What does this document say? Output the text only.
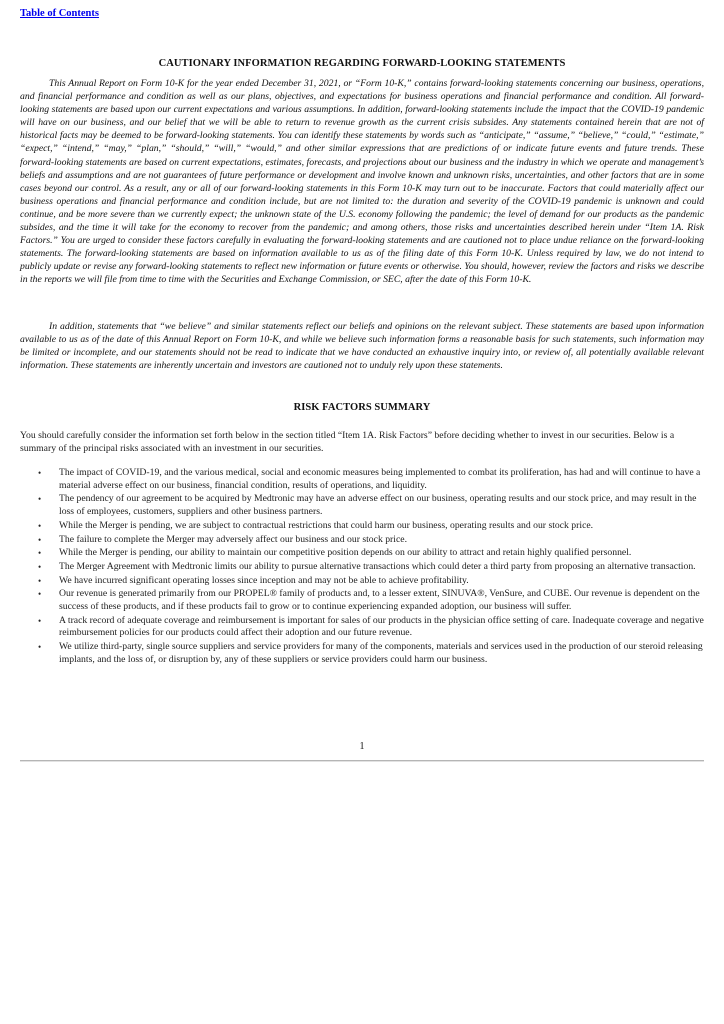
Table of Contents
CAUTIONARY INFORMATION REGARDING FORWARD-LOOKING STATEMENTS

This Annual Report on Form 10-K for the year ended December 31, 2021, or “Form 10-K,” contains forward-looking statements concerning our business, operations, and financial performance and condition as well as our plans, objectives, and expectations for business operations and financial performance and condition. All forward-looking statements are based upon our current expectations and various assumptions. In addition, forward-looking statements include the impact that the COVID-19 pandemic will have on our business, and our belief that we will be able to return to revenue growth as the current crisis subsides. Any statements contained herein that are not of historical facts may be deemed to be forward-looking statements. You can identify these statements by words such as “anticipate,” “assume,” “believe,” “could,” “estimate,” “expect,” “intend,” “may,” “plan,” “should,” “will,” “would,” and other similar expressions that are predictions of or indicate future events and future trends. These forward-looking statements are based on current expectations, estimates, forecasts, and projections about our business and the industry in which we operate and management’s beliefs and assumptions and are not guarantees of future performance or development and involve known and unknown risks, uncertainties, and other factors that are in some cases beyond our control. As a result, any or all of our forward-looking statements in this Form 10-K may turn out to be inaccurate. Factors that could materially affect our business operations and financial performance and condition include, but are not limited to: the duration and severity of the COVID-19 pandemic is unknown and could continue, and be more severe than we currently expect; the unknown state of the U.S. economy following the pandemic; the level of demand for our products as the pandemic subsides, and the time it will take for the economy to recover from the pandemic; and among others, those risks and uncertainties described herein under “Item 1A. Risk Factors.” You are urged to consider these factors carefully in evaluating the forward-looking statements and are cautioned not to place undue reliance on the forward-looking statements. The forward-looking statements are based on information available to us as of the filing date of this Form 10-K. Unless required by law, we do not intend to publicly update or revise any forward-looking statements to reflect new information or future events or otherwise. You should, however, review the factors and risks we describe in the reports we will file from time to time with the Securities and Exchange Commission, or SEC, after the date of this Form 10-K.

In addition, statements that “we believe” and similar statements reflect our beliefs and opinions on the relevant subject. These statements are based upon information available to us as of the date of this Annual Report on Form 10-K, and while we believe such information forms a reasonable basis for such statements, such information may be limited or incomplete, and our statements should not be read to indicate that we have conducted an exhaustive inquiry into, or review of, all potentially available relevant information. These statements are inherently uncertain and investors are cautioned not to unduly rely upon these statements.

RISK FACTORS SUMMARY

You should carefully consider the information set forth below in the section titled “Item 1A. Risk Factors” before deciding whether to invest in our securities. Below is a summary of the principal risks associated with an investment in our securities.

• The impact of COVID-19, and the various medical, social and economic measures being implemented to combat its proliferation, has had and will continue to have a material adverse effect on our business, financial condition, results of operations, and liquidity.
• The pendency of our agreement to be acquired by Medtronic may have an adverse effect on our business, operating results and our stock price, and may result in the loss of employees, customers, suppliers and other business partners.
• While the Merger is pending, we are subject to contractual restrictions that could harm our business, operating results and our stock price.
• The failure to complete the Merger may adversely affect our business and our stock price.
• While the Merger is pending, our ability to maintain our competitive position depends on our ability to attract and retain highly qualified personnel.
• The Merger Agreement with Medtronic limits our ability to pursue alternative transactions which could deter a third party from proposing an alternative transaction.
• We have incurred significant operating losses since inception and may not be able to achieve profitability.
• Our revenue is generated primarily from our PROPEL® family of products and, to a lesser extent, SINUVA®, VenSure, and CUBE. Our revenue is dependent on the success of these products, and if these products fail to grow or to continue experiencing expanded adoption, our business will suffer.
• A track record of adequate coverage and reimbursement is important for sales of our products in the physician office setting of care. Inadequate coverage and negative reimbursement policies for our products could affect their adoption and our future revenue.
• We utilize third-party, single source suppliers and service providers for many of the components, materials and services used in the production of our steroid releasing implants, and the loss of, or disruption by, any of these suppliers or service providers could harm our business.
1
